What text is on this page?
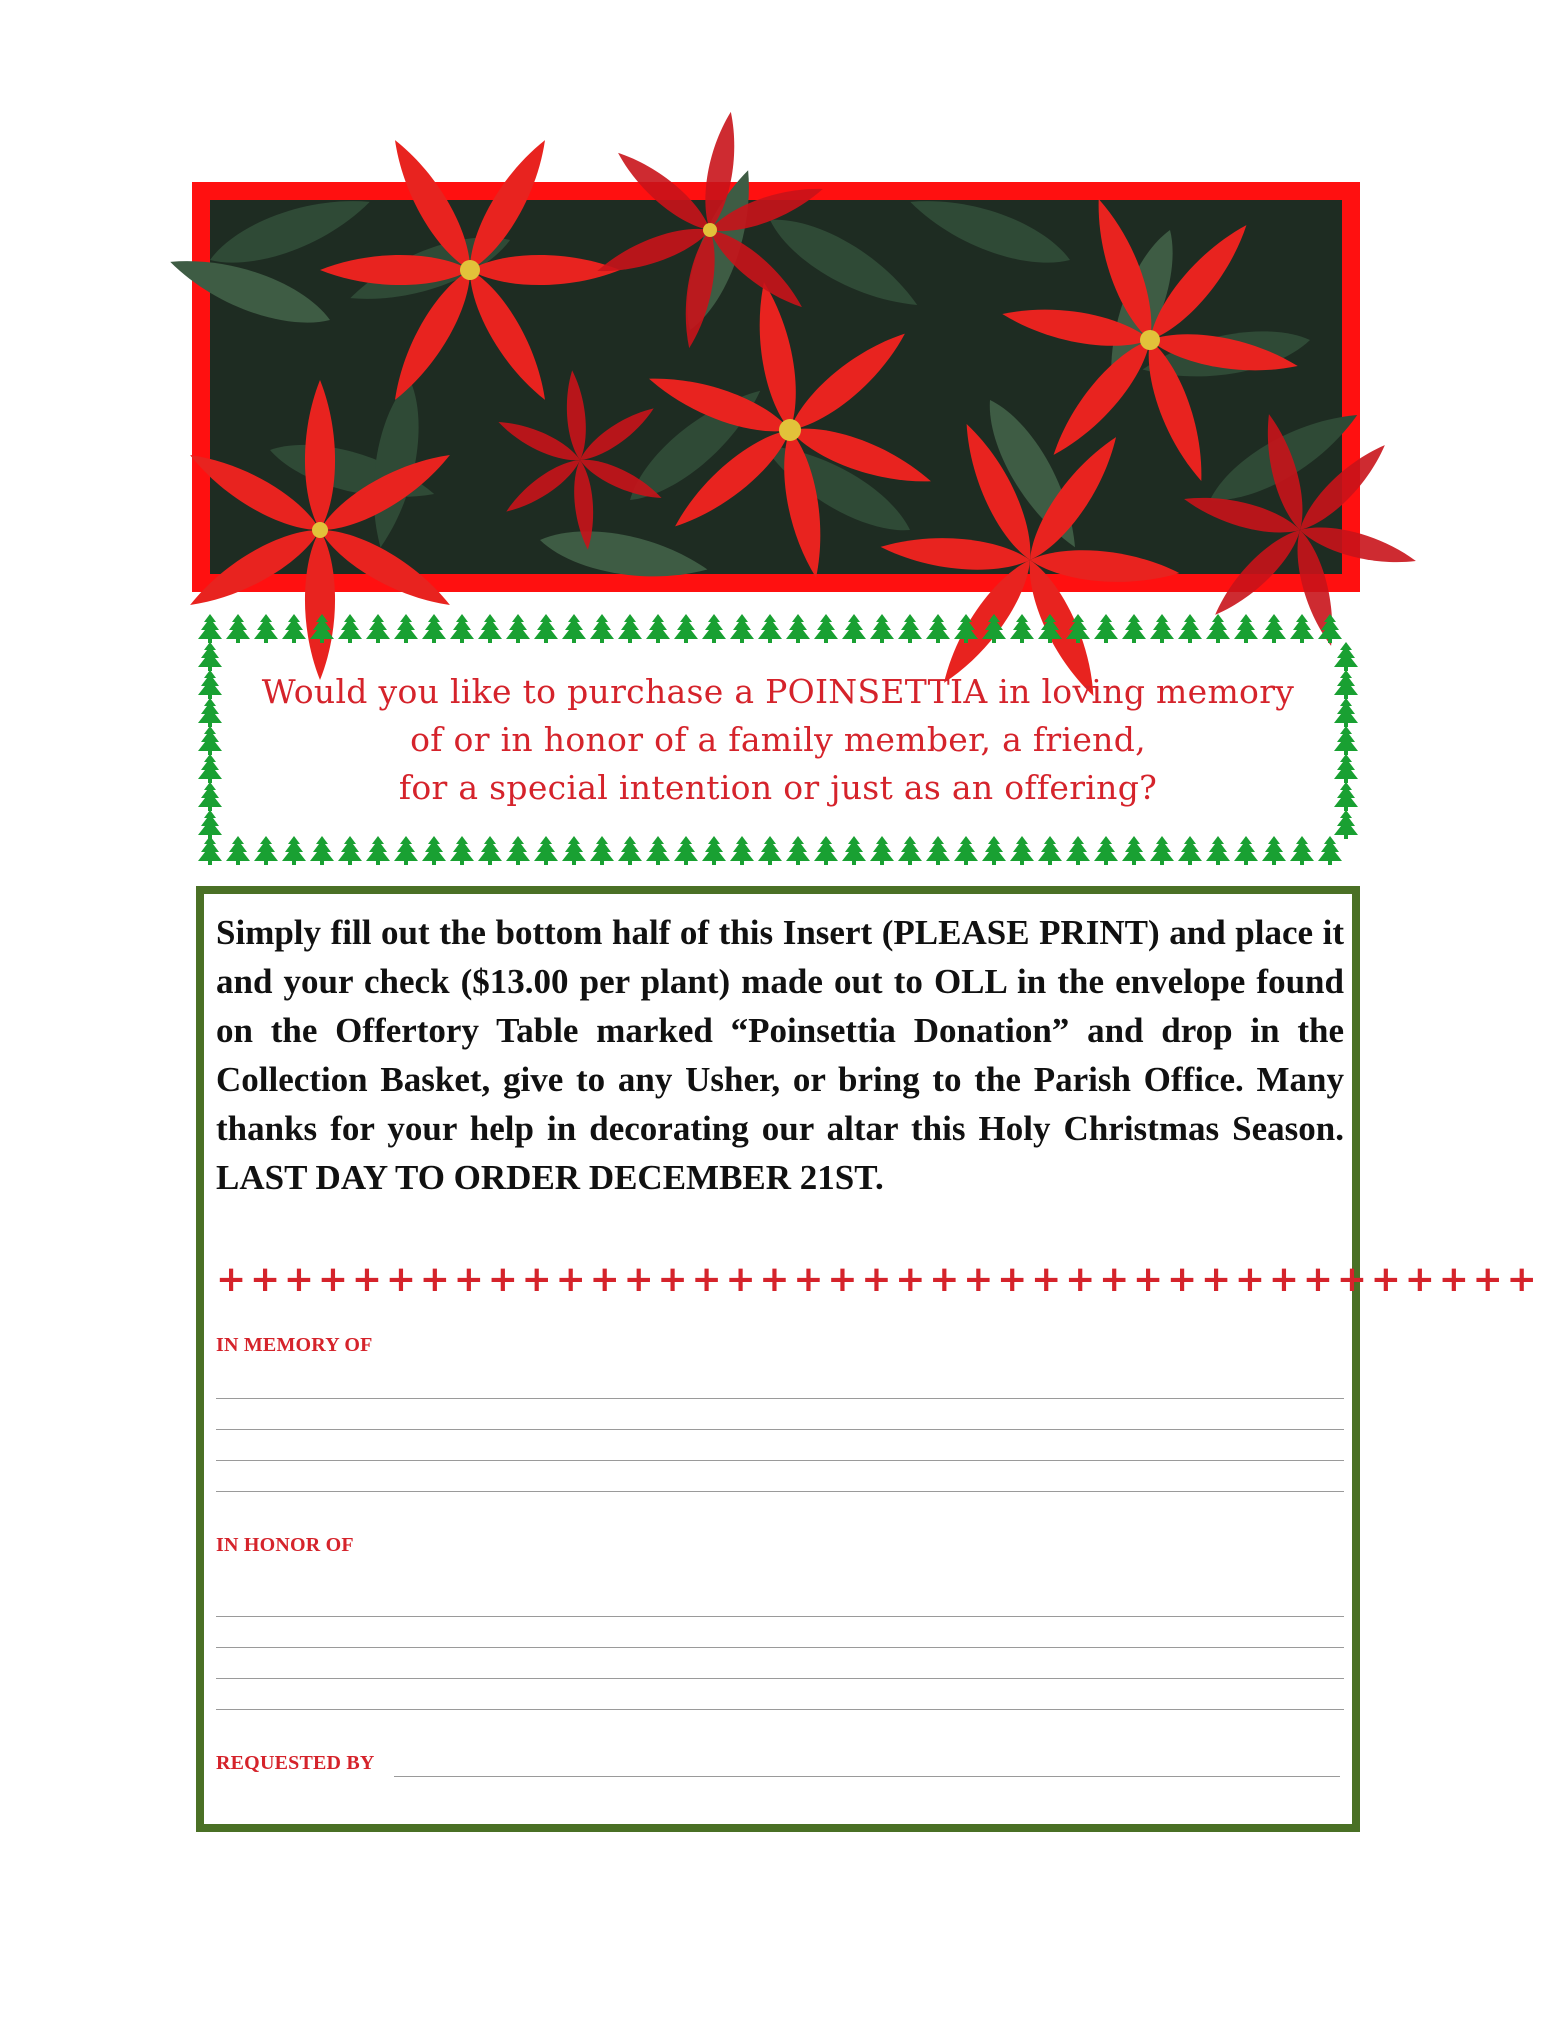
Would you like to purchase a POINSETTIA in loving memory
of or in honor of a family member, a friend,
for a special intention or just as an offering?
Simply fill out the bottom half of this Insert (PLEASE PRINT) and place it and your check ($13.00 per plant) made out to OLL in the envelope found on the Offertory Table marked “Poinsettia Donation” and drop in the Collection Basket, give to any Usher, or bring to the Parish Office. Many thanks for your help in decorating our altar this Holy Christmas Season. LAST DAY TO ORDER DECEMBER 21ST.
+++++++++++++++++++++++++++++++++++++++
IN MEMORY OF
IN HONOR OF
REQUESTED BY
